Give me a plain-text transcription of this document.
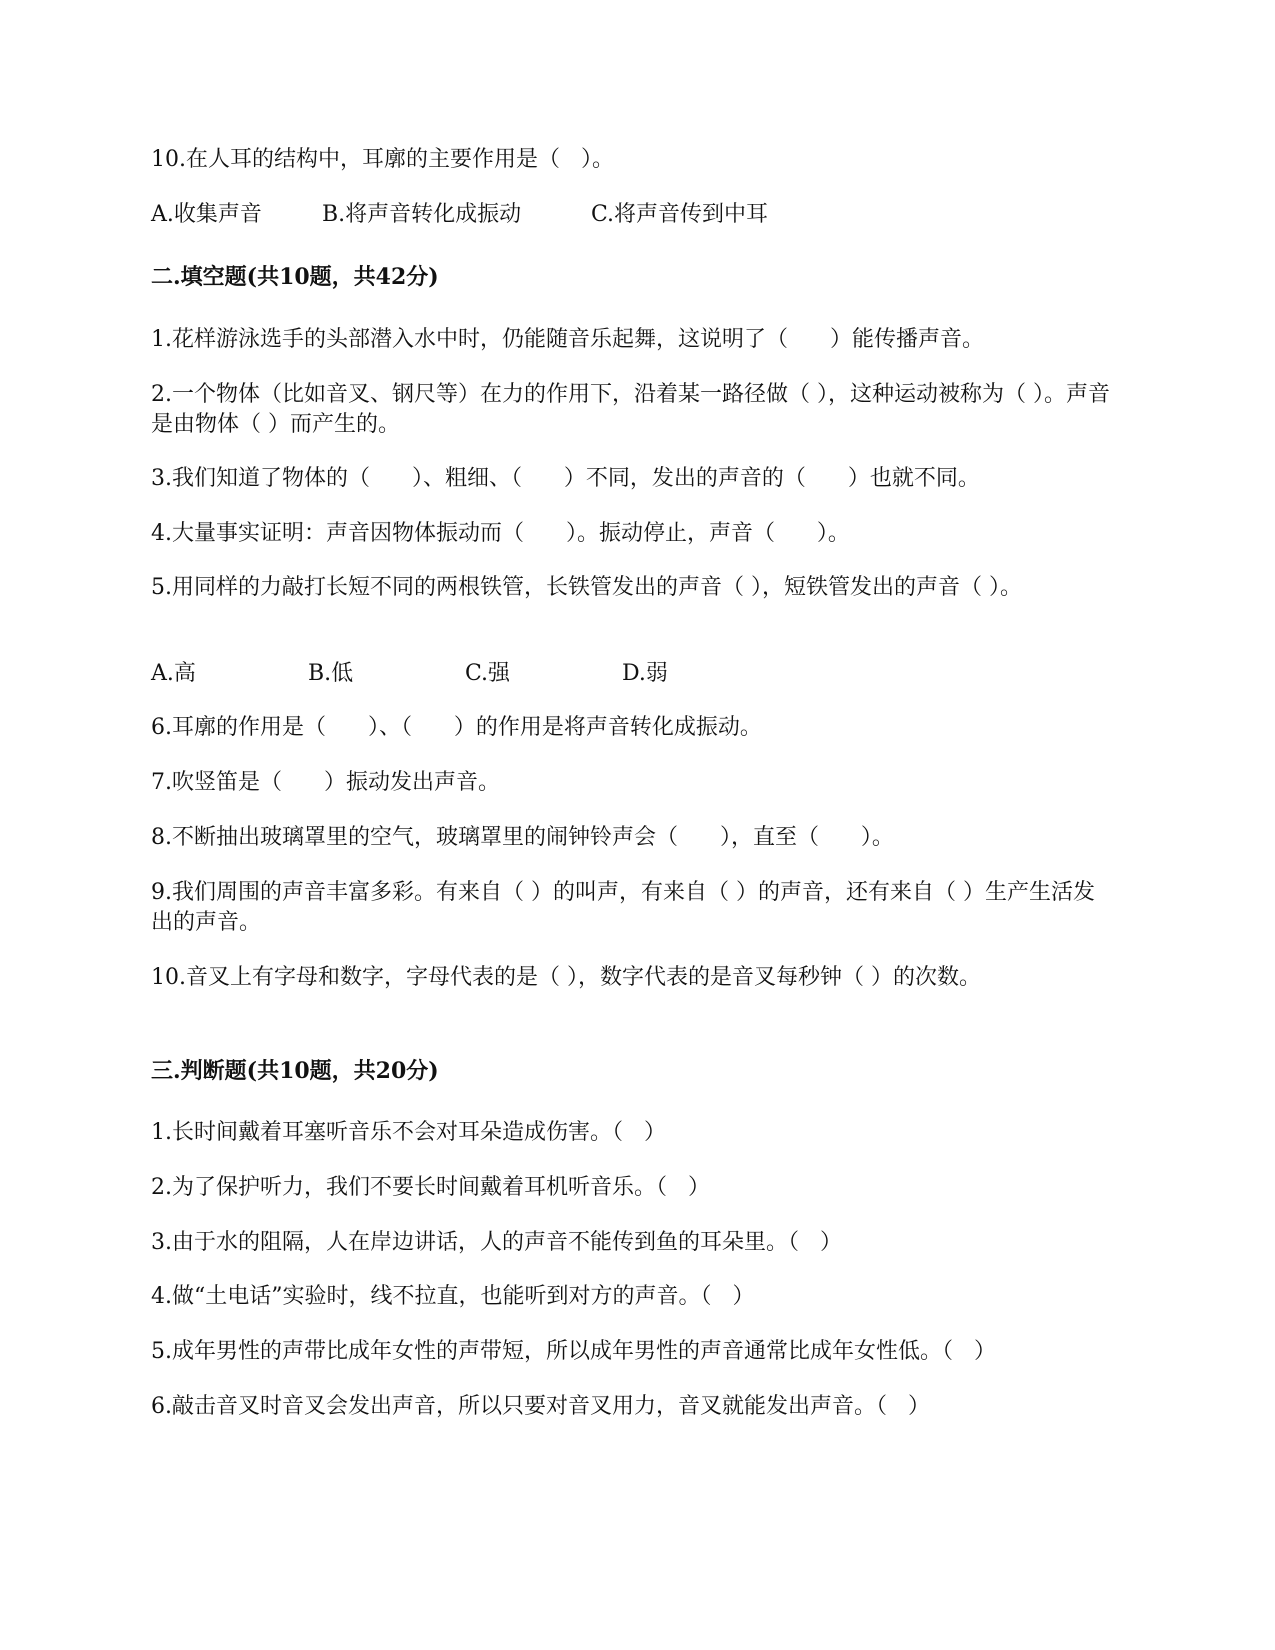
10.在人耳的结构中，耳廓的主要作用是（   ）。
A.收集声音	B.将声音转化成振动	C.将声音传到中耳
二.填空题(共10题，共42分)
1.花样游泳选手的头部潜入水中时，仍能随音乐起舞，这说明了（      ）能传播声音。
2.一个物体（比如音叉、钢尺等）在力的作用下，沿着某一路径做（ ），这种运动被称为（ ）。声音是由物体（ ）而产生的。
3.我们知道了物体的（      ）、粗细、（      ）不同，发出的声音的（      ）也就不同。
4.大量事实证明：声音因物体振动而（      ）。振动停止，声音（      ）。
5.用同样的力敲打长短不同的两根铁管，长铁管发出的声音（ ），短铁管发出的声音（ ）。
A.高	B.低	C.强	D.弱
6.耳廓的作用是（      ）、（      ）的作用是将声音转化成振动。
7.吹竖笛是（      ）振动发出声音。
8.不断抽出玻璃罩里的空气，玻璃罩里的闹钟铃声会（      ），直至（      ）。
9.我们周围的声音丰富多彩。有来自（ ）的叫声，有来自（ ）的声音，还有来自（ ）生产生活发出的声音。
10.音叉上有字母和数字，字母代表的是（ ），数字代表的是音叉每秒钟（ ）的次数。
三.判断题(共10题，共20分)
1.长时间戴着耳塞听音乐不会对耳朵造成伤害。（   ）
2.为了保护听力，我们不要长时间戴着耳机听音乐。（   ）
3.由于水的阻隔，人在岸边讲话，人的声音不能传到鱼的耳朵里。（   ）
4.做“土电话”实验时，线不拉直，也能听到对方的声音。（   ）
5.成年男性的声带比成年女性的声带短，所以成年男性的声音通常比成年女性低。（   ）
6.敲击音叉时音叉会发出声音，所以只要对音叉用力，音叉就能发出声音。（   ）
